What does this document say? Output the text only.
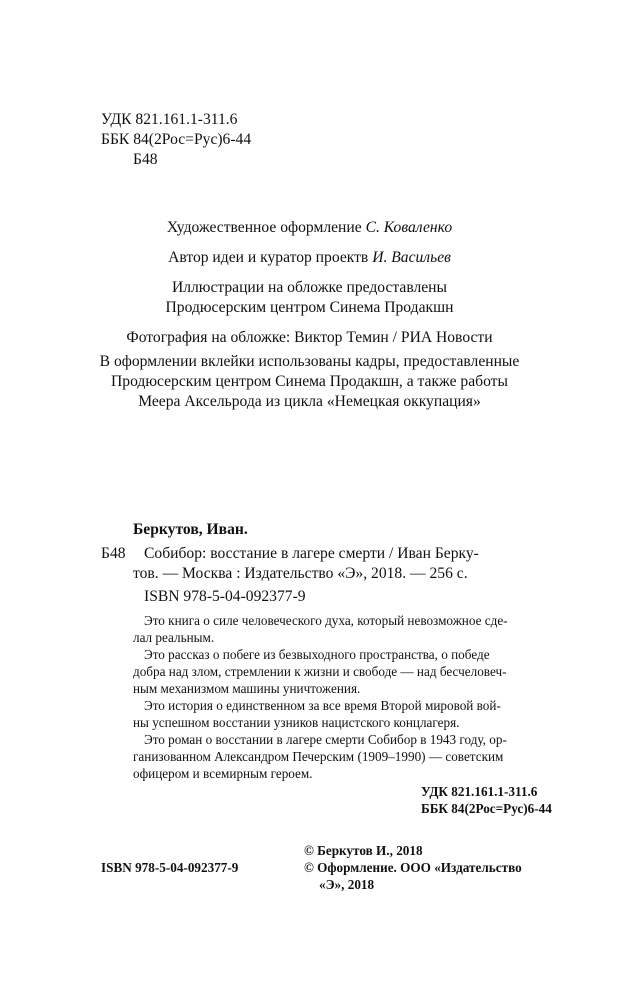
УДК 821.161.1-311.6
ББК 84(2Рос=Рус)6-44
Б48
Художественное оформление С. Коваленко
Автор идеи и куратор проектв И. Васильев
Иллюстрации на обложке предоставлены
Продюсерским центром Синема Продакшн
Фотография на обложке: Виктор Темин / РИА Новости
В оформлении вклейки использованы кадры, предоставленные
Продюсерским центром Синема Продакшн, а также работы
Меера Аксельрода из цикла «Немецкая оккупация»
Беркутов, Иван.
Б48 Собибор: восстание в лагере смерти / Иван Берку-
тов. — Москва : Издательство «Э», 2018. — 256 с.
ISBN 978-5-04-092377-9
Это книга о силе человеческого духа, который невозможное сде-
лал реальным.
Это рассказ о побеге из безвыходного пространства, о победе
добра над злом, стремлении к жизни и свободе — над бесчеловеч-
ным механизмом машины уничтожения.
Это история о единственном за все время Второй мировой вой-
ны успешном восстании узников нацистского концлагеря.
Это роман о восстании в лагере смерти Собибор в 1943 году, ор-
ганизованном Александром Печерским (1909–1990) — советским
офицером и всемирным героем.
УДК 821.161.1-311.6
ББК 84(2Рос=Рус)6-44
ISBN 978-5-04-092377-9
© Беркутов И., 2018
© Оформление. ООО «Издательство
«Э», 2018
